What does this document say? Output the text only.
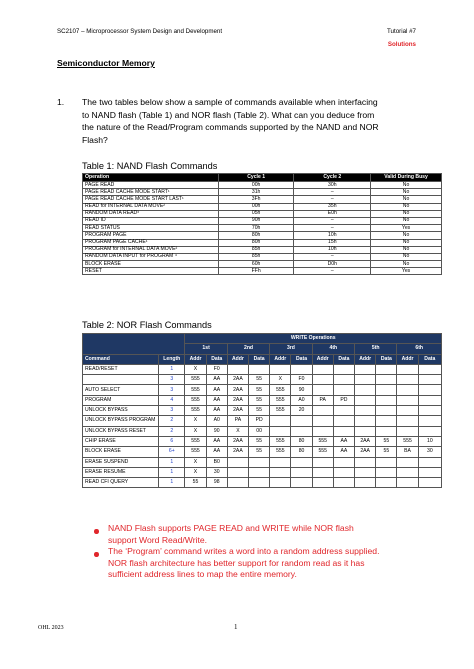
SC2107 – Microprocessor System Design and Development	Tutorial #7
Solutions
Semiconductor Memory
1. The two tables below show a sample of commands available when interfacing
to NAND flash (Table 1) and NOR flash (Table 2). What can you deduce from
the nature of the Read/Program commands supported by the NAND and NOR
Flash?
Table 1: NAND Flash Commands
Operation	Cycle 1	Cycle 2	Valid During Busy
PAGE READ	00h	30h	No
PAGE READ CACHE MODE START¹	31h	–	No
PAGE READ CACHE MODE START LAST¹	3Fh	–	No
READ for INTERNAL DATA MOVE²	00h	35h	No
RANDOM DATA READ³	05h	E0h	No
READ ID	90h	–	No
READ STATUS	70h	–	Yes
PROGRAM PAGE	80h	10h	No
PROGRAM PAGE CACHE¹	80h	15h	No
PROGRAM for INTERNAL DATA MOVE²	85h	10h	No
RANDOM DATA INPUT for PROGRAM ⁴	85h	–	No
BLOCK ERASE	60h	D0h	No
RESET	FFh	–	Yes
Table 2: NOR Flash Commands
		WRITE Operations											
		1st		2nd		3rd		4th		5th		6th	
Command	Length	Addr	Data	Addr	Data	Addr	Data	Addr	Data	Addr	Data	Addr	Data
READ/RESET	1	X	F0										
	3	555	AA	2AA	55	X	F0						
AUTO SELECT	3	555	AA	2AA	55	555	90						
PROGRAM	4	555	AA	2AA	55	555	A0	PA	PD				
UNLOCK BYPASS	3	555	AA	2AA	55	555	20						
UNLOCK BYPASS PROGRAM	2	X	A0	PA	PD								
UNLOCK BYPASS RESET	2	X	90	X	00								
CHIP ERASE	6	555	AA	2AA	55	555	80	555	AA	2AA	55	555	10
BLOCK ERASE	6+	555	AA	2AA	55	555	80	555	AA	2AA	55	BA	30
ERASE SUSPEND	1	X	B0										
ERASE RESUME	1	X	30										
READ CFI QUERY	1	55	98										
NAND Flash supports PAGE READ and WRITE while NOR flash
support Word Read/Write.
The ‘Program’ command writes a word into a random address supplied.
NOR flash architecture has better support for random read as it has
sufficient address lines to map the entire memory.
OHL 2023	1
